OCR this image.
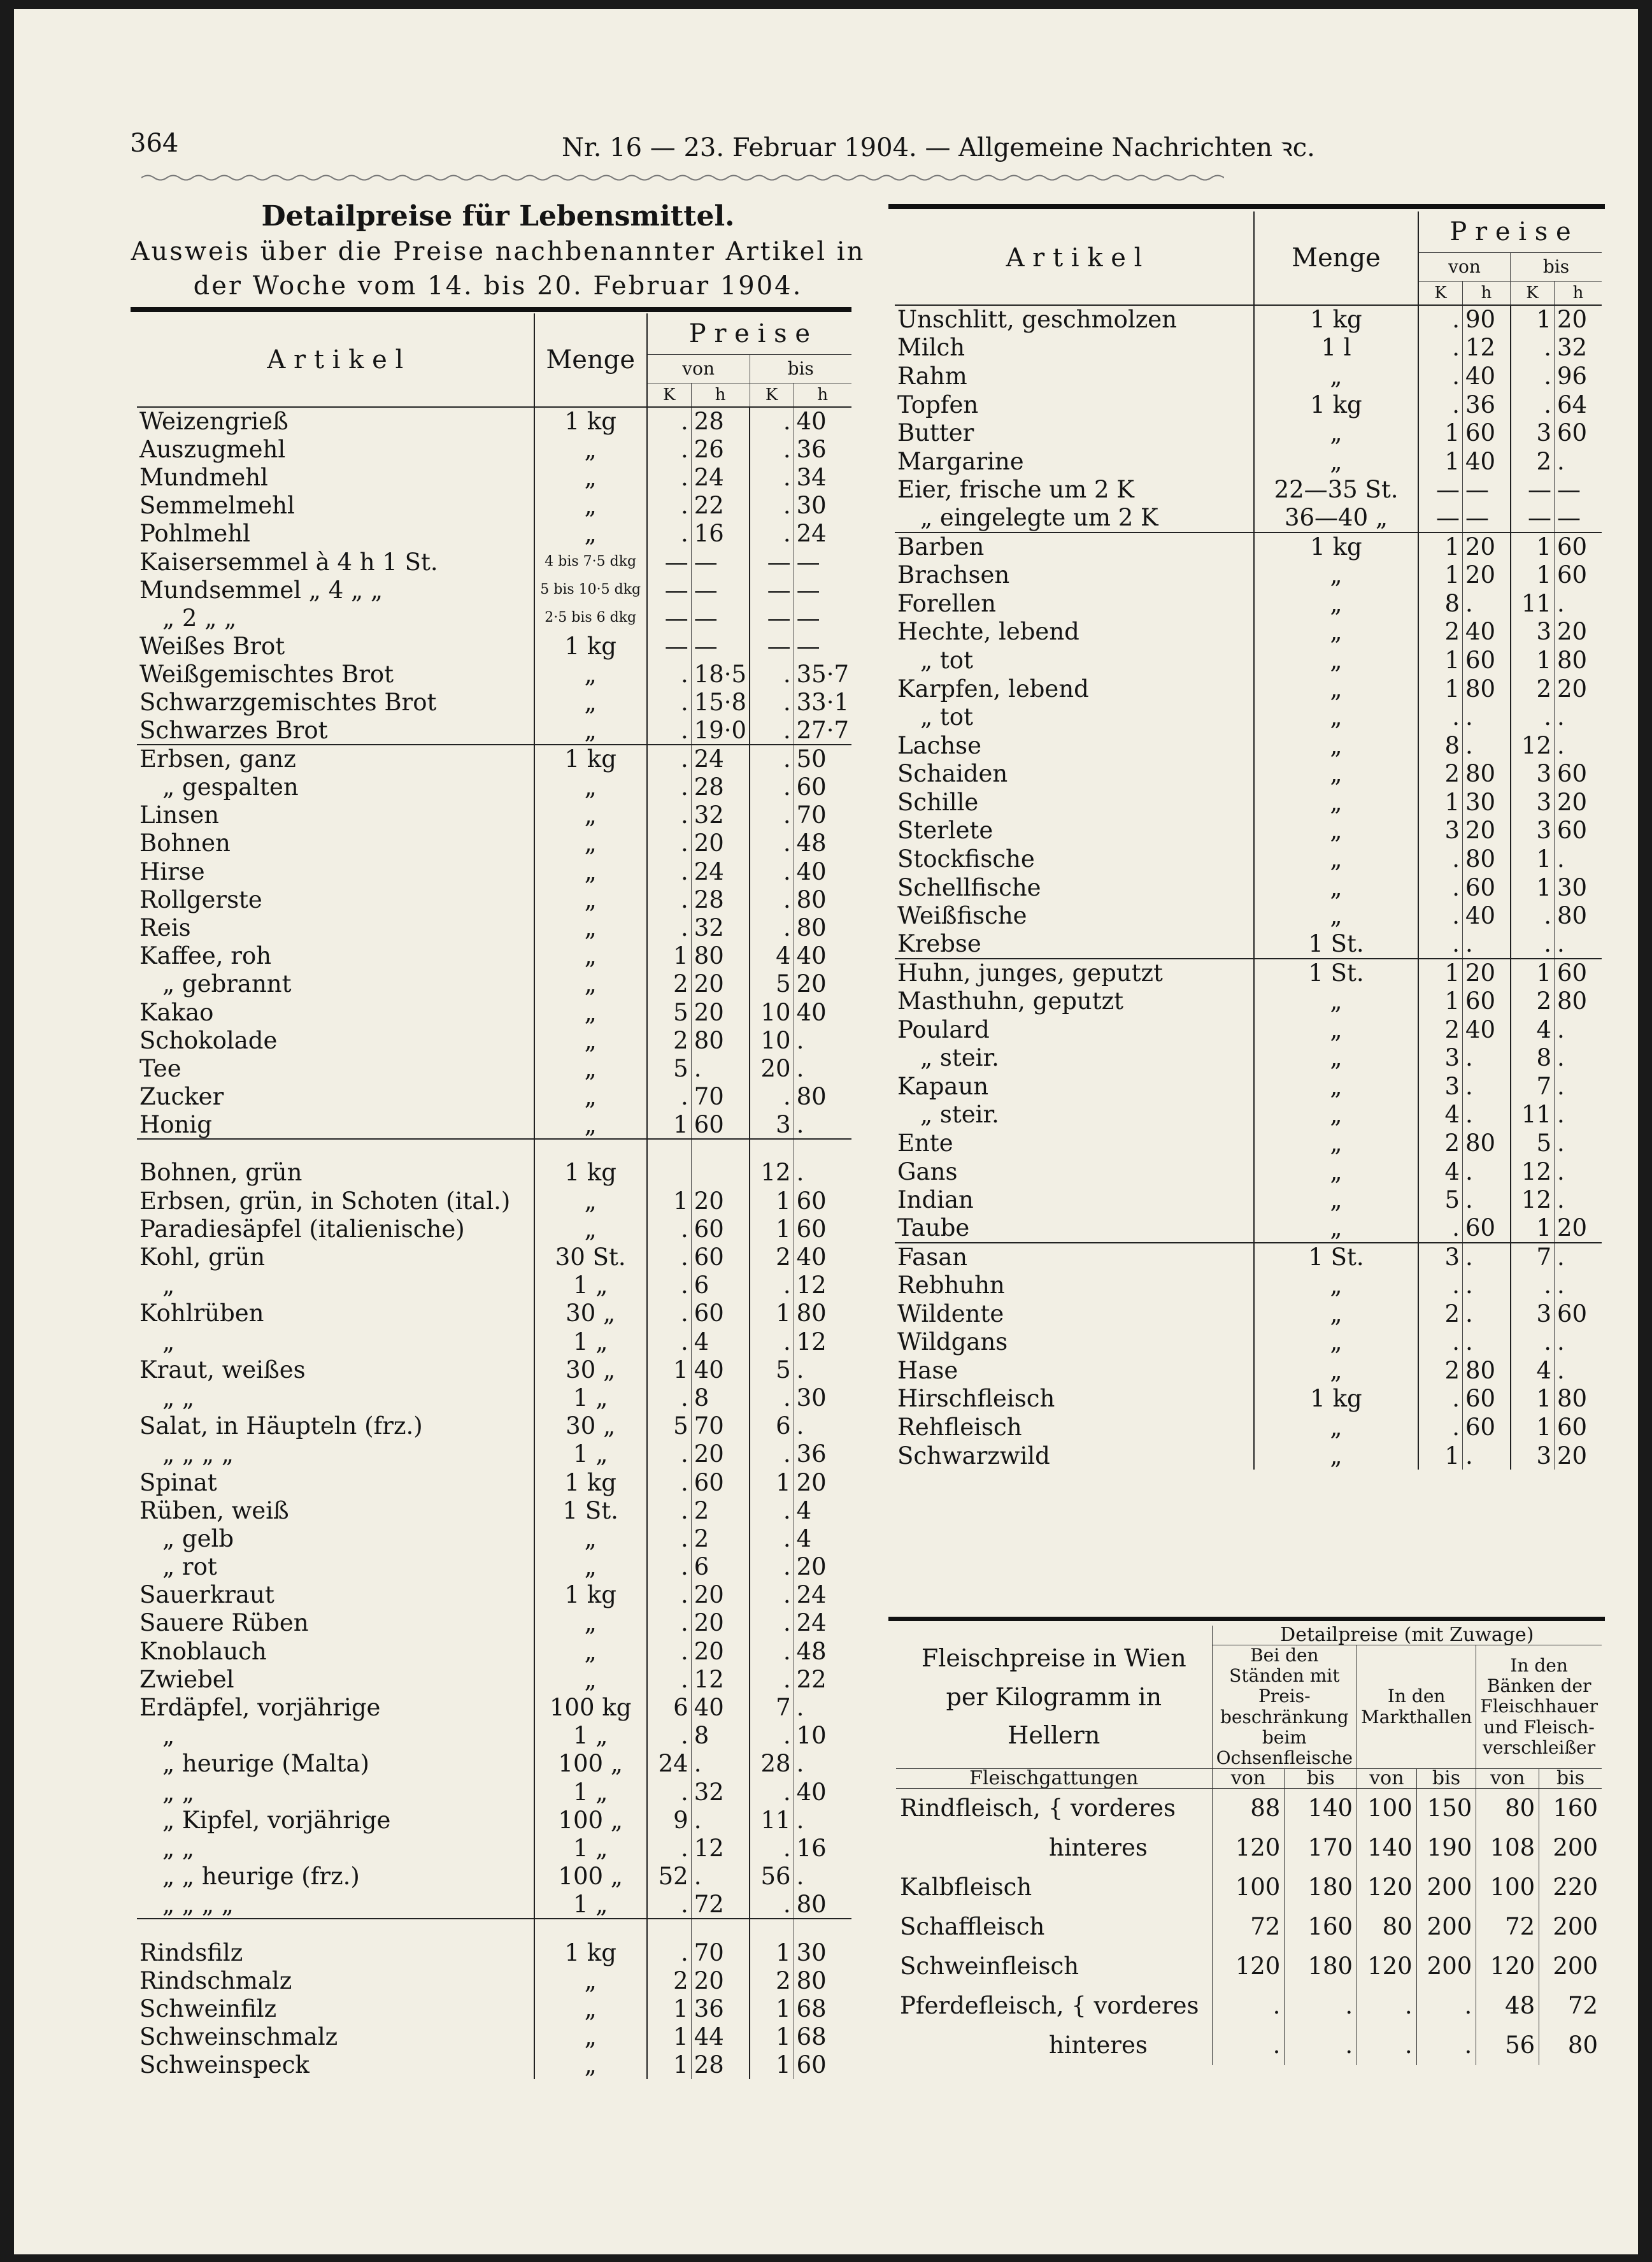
364	Nr. 16 — 23. Februar 1904. — Allgemeine Nachrichten ꝛc.
Detailpreise für Lebensmittel.
Ausweis über die Preise nachbenannter Artikel in
der Woche vom 14. bis 20. Februar 1904.
A r t i k e l	Menge	P r e i s e			
		von		bis	
		K	h	K	h
Weizengrieß	1 kg	.	28	.	40
Auszugmehl	„	.	26	.	36
Mundmehl	„	.	24	.	34
Semmelmehl	„	.	22	.	30
Pohlmehl	„	.	16	.	24
Kaisersemmel à 4 h 1 St.	4 bis 7·5 dkg	—	—	—	—
Mundsemmel „ 4 „ „	5 bis 10·5 dkg	—	—	—	—
„ 2 „ „	2·5 bis 6 dkg	—	—	—	—
Weißes Brot	1 kg	—	—	—	—
Weißgemischtes Brot	„	.	18·5	.	35·7
Schwarzgemischtes Brot	„	.	15·8	.	33·1
Schwarzes Brot	„	.	19·0	.	27·7
Erbsen, ganz	1 kg	.	24	.	50
„ gespalten	„	.	28	.	60
Linsen	„	.	32	.	70
Bohnen	„	.	20	.	48
Hirse	„	.	24	.	40
Rollgerste	„	.	28	.	80
Reis	„	.	32	.	80
Kaffee, roh	„	1	80	4	40
„ gebrannt	„	2	20	5	20
Kakao	„	5	20	10	40
Schokolade	„	2	80	10	.
Tee	„	5	.	20	.
Zucker	„	.	70	.	80
Honig	„	1	60	3	.

Bohnen, grün	1 kg			12	.
Erbsen, grün, in Schoten (ital.)	„	1	20	1	60
Paradiesäpfel (italienische)	„	.	60	1	60
Kohl, grün	30 St.	.	60	2	40
„	1 „	.	6	.	12
Kohlrüben	30 „	.	60	1	80
„	1 „	.	4	.	12
Kraut, weißes	30 „	1	40	5	.
„ „	1 „	.	8	.	30
Salat, in Häupteln (frz.)	30 „	5	70	6	.
„ „ „ „	1 „	.	20	.	36
Spinat	1 kg	.	60	1	20
Rüben, weiß	1 St.	.	2	.	4
„ gelb	„	.	2	.	4
„ rot	„	.	6	.	20
Sauerkraut	1 kg	.	20	.	24
Sauere Rüben	„	.	20	.	24
Knoblauch	„	.	20	.	48
Zwiebel	„	.	12	.	22
Erdäpfel, vorjährige	100 kg	6	40	7	.
„	1 „	.	8	.	10
„ heurige (Malta)	100 „	24	.	28	.
„ „	1 „	.	32	.	40
„ Kipfel, vorjährige	100 „	9	.	11	.
„ „	1 „	.	12	.	16
„ „ heurige (frz.)	100 „	52	.	56	.
„ „ „ „	1 „	.	72	.	80

Rindsfilz	1 kg	.	70	1	30
Rindschmalz	„	2	20	2	80
Schweinfilz	„	1	36	1	68
Schweinschmalz	„	1	44	1	68
Schweinspeck	„	1	28	1	60
A r t i k e l	Menge	P r e i s e			
		von		bis	
		K	h	K	h
Unschlitt, geschmolzen	1 kg	.	90	1	20
Milch	1 l	.	12	.	32
Rahm	„	.	40	.	96
Topfen	1 kg	.	36	.	64
Butter	„	1	60	3	60
Margarine	„	1	40	2	.
Eier, frische um 2 K	22—35 St.	—	—	—	—
„ eingelegte um 2 K	36—40 „	—	—	—	—
Barben	1 kg	1	20	1	60
Brachsen	„	1	20	1	60
Forellen	„	8	.	11	.
Hechte, lebend	„	2	40	3	20
„ tot	„	1	60	1	80
Karpfen, lebend	„	1	80	2	20
„ tot	„	.	.	.	.
Lachse	„	8	.	12	.
Schaiden	„	2	80	3	60
Schille	„	1	30	3	20
Sterlete	„	3	20	3	60
Stockfische	„	.	80	1	.
Schellfische	„	.	60	1	30
Weißfische	„	.	40	.	80
Krebse	1 St.	.	.	.	.
Huhn, junges, geputzt	1 St.	1	20	1	60
Masthuhn, geputzt	„	1	60	2	80
Poulard	„	2	40	4	.
„ steir.	„	3	.	8	.
Kapaun	„	3	.	7	.
„ steir.	„	4	.	11	.
Ente	„	2	80	5	.
Gans	„	4	.	12	.
Indian	„	5	.	12	.
Taube	„	.	60	1	20
Fasan	1 St.	3	.	7	.
Rebhuhn	„	.	.	.	.
Wildente	„	2	.	3	60
Wildgans	„	.	.	.	.
Hase	„	2	80	4	.
Hirschfleisch	1 kg	.	60	1	80
Rehfleisch	„	.	60	1	60
Schwarzwild	„	1	.	3	20
Fleischpreise in Wien per Kilogramm in Hellern	Detailpreise (mit Zuwage)					
	Bei den Ständen mit Preis-beschränkung beim Ochsenfleische		In den Markthallen		In den Bänken der Fleischhauer und Fleisch-verschleißer	
Fleischgattungen	von	bis	von	bis	von	bis
Rindfleisch, { vorderes	88	140	100	150	80	160
hinteres	120	170	140	190	108	200
Kalbfleisch	100	180	120	200	100	220
Schaffleisch	72	160	80	200	72	200
Schweinfleisch	120	180	120	200	120	200
Pferdefleisch, { vorderes	.	.	.	.	48	72
hinteres	.	.	.	.	56	80
